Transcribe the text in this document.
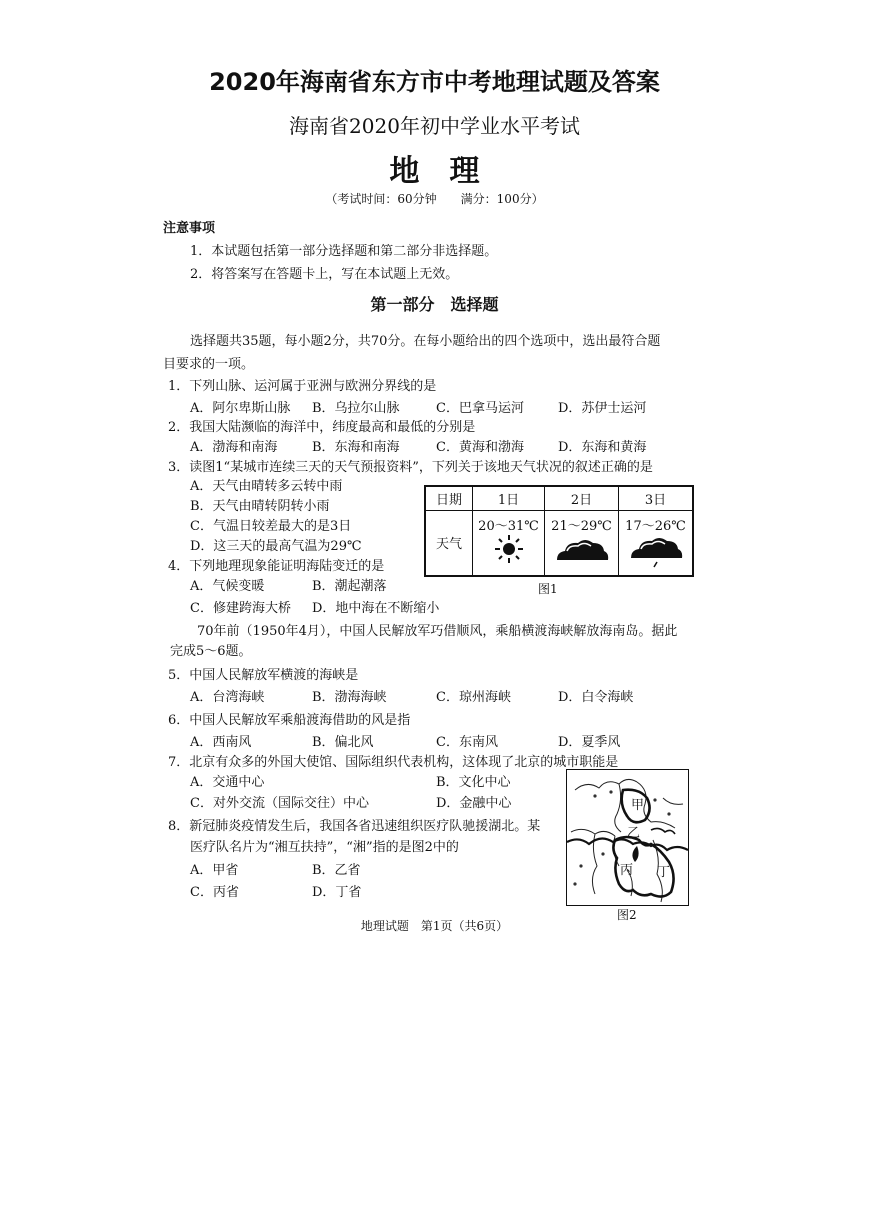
2020年海南省东方市中考地理试题及答案
海南省2020年初中学业水平考试
地　理
（考试时间：60分钟　　满分：100分）
注意事项
1．本试题包括第一部分选择题和第二部分非选择题。
2．将答案写在答题卡上，写在本试题上无效。
第一部分　选择题
选择题共35题，每小题2分，共70分。在每小题给出的四个选项中，选出最符合题
目要求的一项。
1．下列山脉、运河属于亚洲与欧洲分界线的是
A．阿尔卑斯山脉 B．乌拉尔山脉	C．巴拿马运河	D．苏伊士运河
2．我国大陆濒临的海洋中，纬度最高和最低的分别是
A．渤海和南海	B．东海和南海	C．黄海和渤海	D．东海和黄海
3．读图1“某城市连续三天的天气预报资料”，下列关于该地天气状况的叙述正确的是
A．天气由晴转多云转中雨
B．天气由晴转阴转小雨
C．气温日较差最大的是3日
D．这三天的最高气温为29℃
日期	1日	2日	3日
天气	20～31℃	21～29℃	17～26℃
图1
4．下列地理现象能证明海陆变迁的是
A．气候变暖	B．潮起潮落
C．修建跨海大桥 D．地中海在不断缩小
70年前（1950年4月），中国人民解放军巧借顺风，乘船横渡海峡解放海南岛。据此
完成5～6题。
5．中国人民解放军横渡的海峡是
A．台湾海峡	B．渤海海峡	C．琼州海峡	D．白令海峡
6．中国人民解放军乘船渡海借助的风是指
A．西南风	B．偏北风	C．东南风	D．夏季风
7．北京有众多的外国大使馆、国际组织代表机构，这体现了北京的城市职能是
A．交通中心	B．文化中心
C．对外交流（国际交往）中心	D．金融中心
8．新冠肺炎疫情发生后，我国各省迅速组织医疗队驰援湖北。某
医疗队名片为“湘互扶持”，“湘”指的是图2中的
A．甲省	B．乙省
C．丙省	D．丁省
甲
乙
丙 丁
图2
地理试题　第1页（共6页）
